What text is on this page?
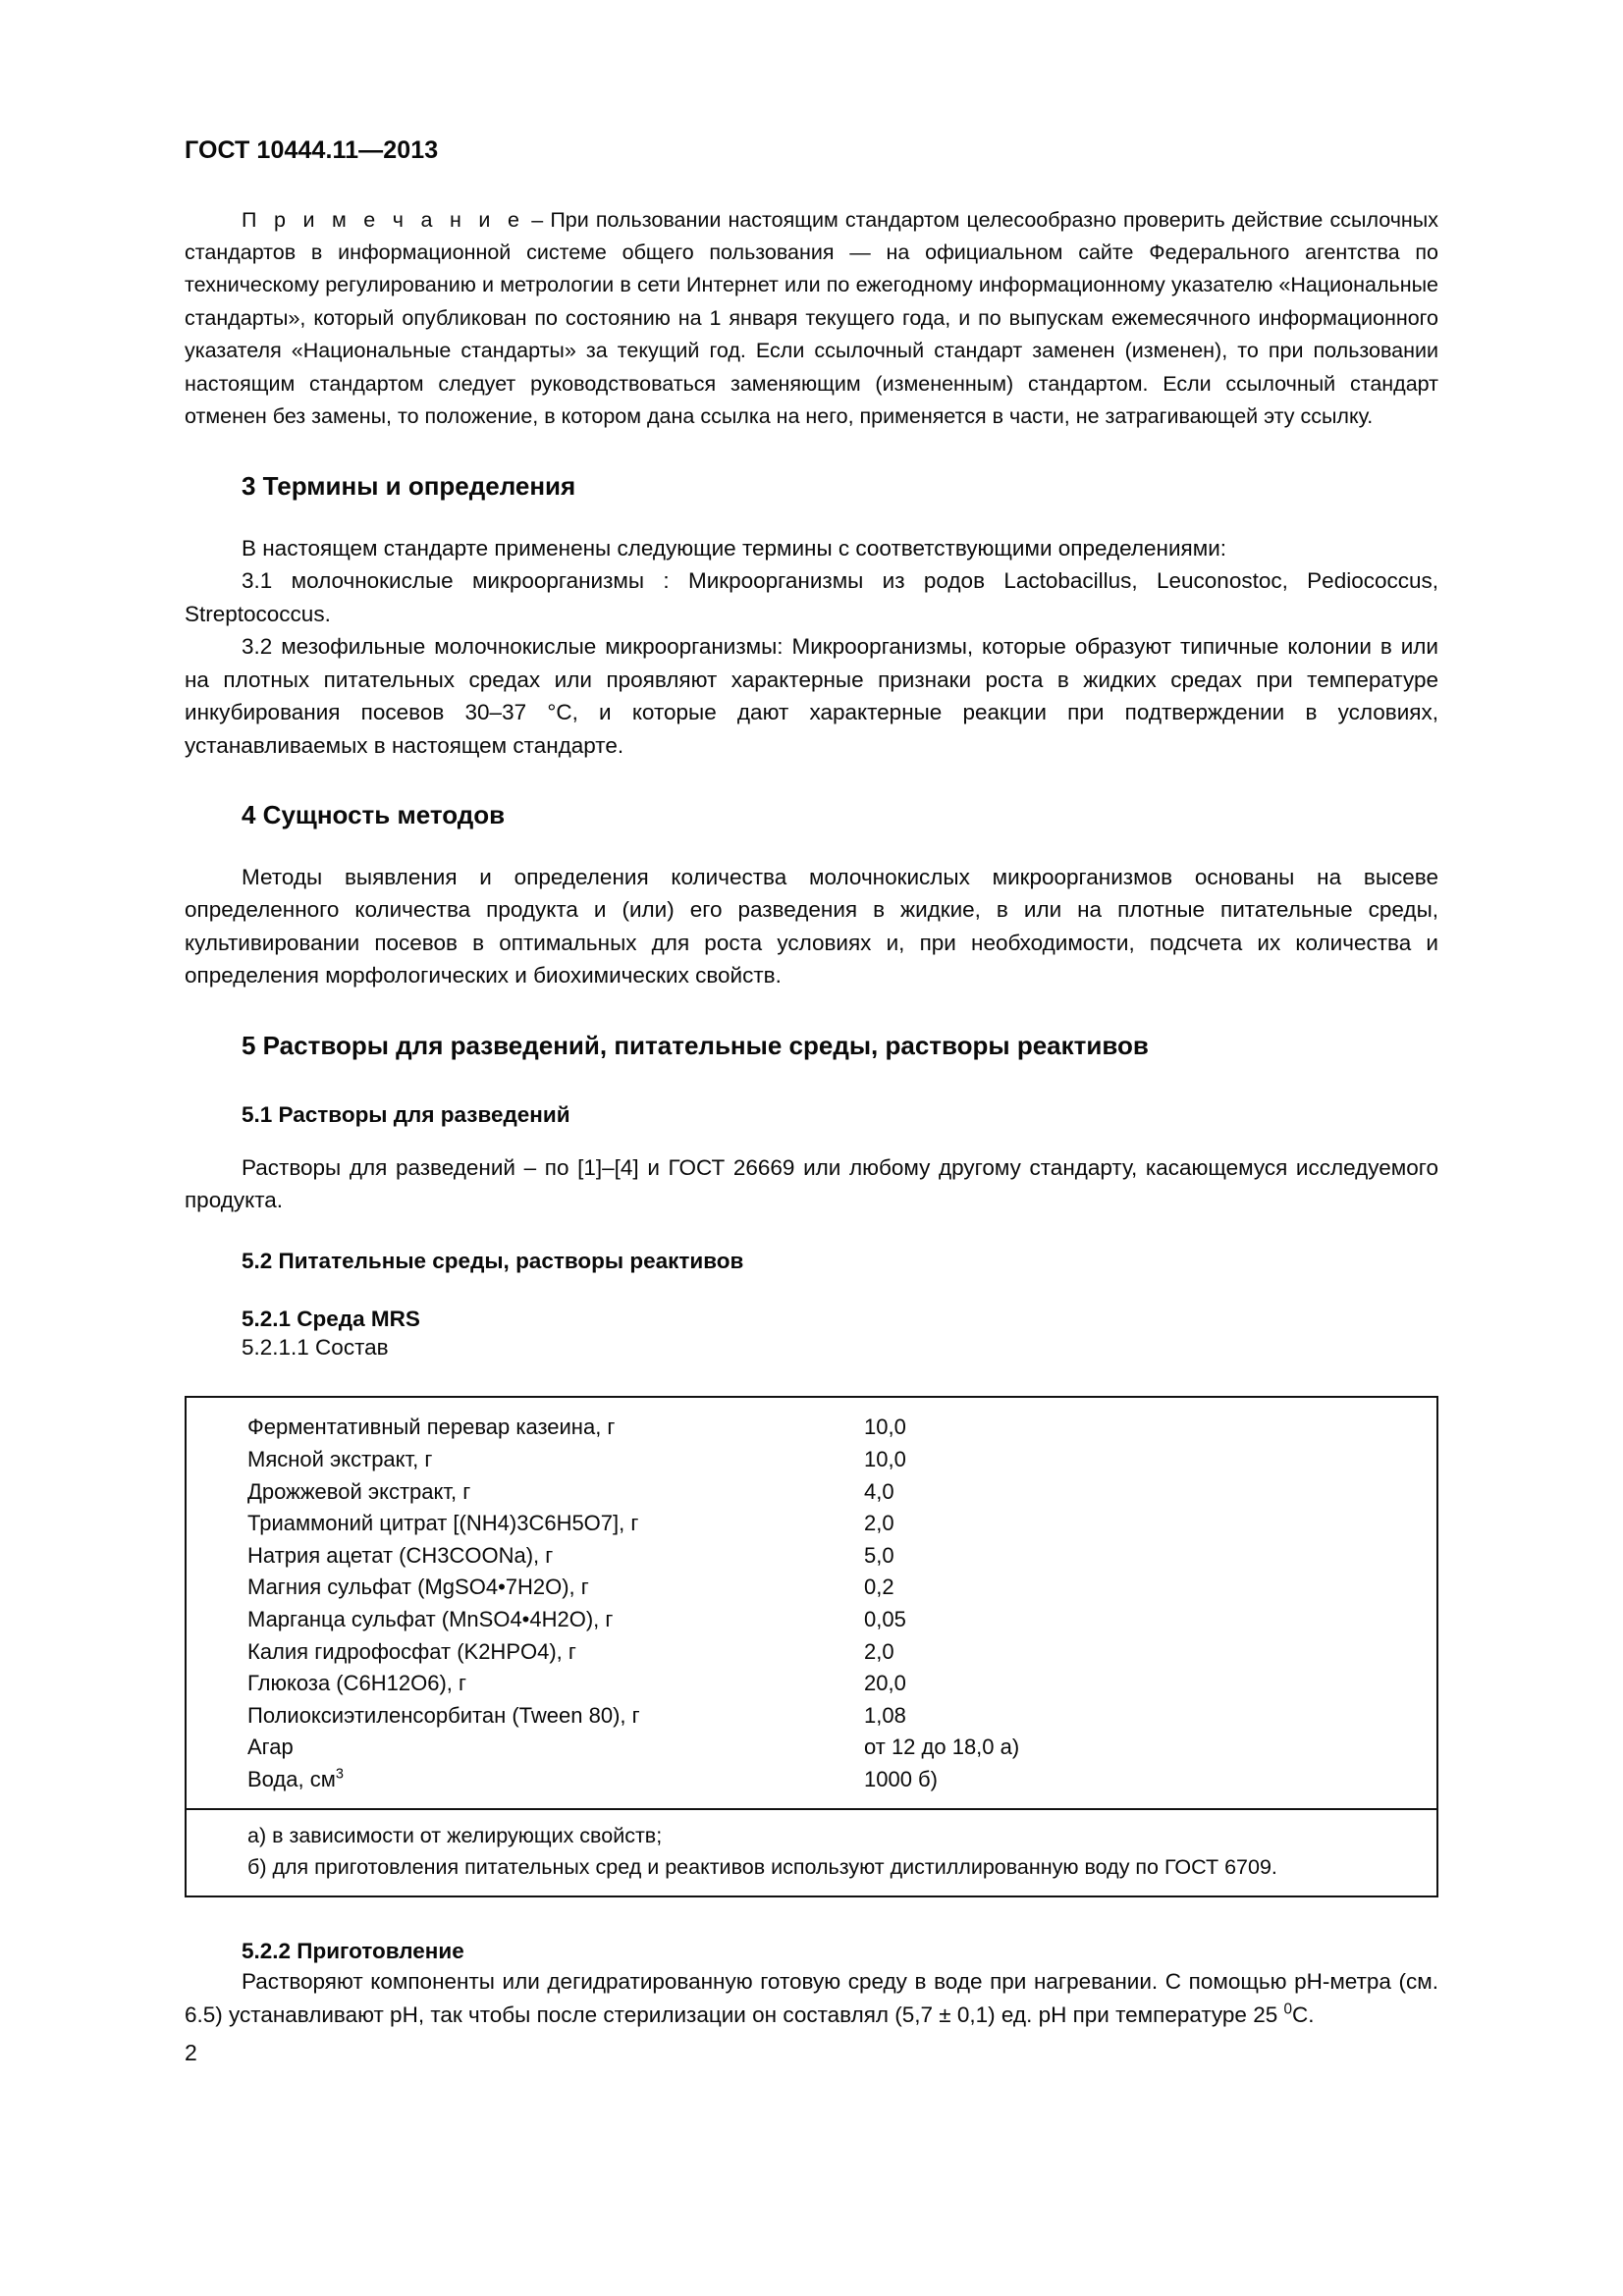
ГОСТ 10444.11—2013

П р и м е ч а н и е – При пользовании настоящим стандартом целесообразно проверить действие ссылочных стандартов в информационной системе общего пользования — на официальном сайте Федерального агентства по техническому регулированию и метрологии в сети Интернет или по ежегодному информационному указателю «Национальные стандарты», который опубликован по состоянию на 1 января текущего года, и по выпускам ежемесячного информационного указателя «Национальные стандарты» за текущий год. Если ссылочный стандарт заменен (изменен), то при пользовании настоящим стандартом следует руководствоваться заменяющим (измененным) стандартом. Если ссылочный стандарт отменен без замены, то положение, в котором дана ссылка на него, применяется в части, не затрагивающей эту ссылку.

3 Термины и определения

В настоящем стандарте применены следующие термины с соответствующими определениями:

3.1 молочнокислые микроорганизмы : Микроорганизмы из родов Lactobacillus, Leuconostoc, Pediococcus, Streptococcus.

3.2 мезофильные молочнокислые микроорганизмы: Микроорганизмы, которые образуют типичные колонии в или на плотных питательных средах или проявляют характерные признаки роста в жидких средах при температуре инкубирования посевов 30–37 °C, и которые дают характерные реакции при подтверждении в условиях, устанавливаемых в настоящем стандарте.

4 Сущность методов

Методы выявления и определения количества молочнокислых микроорганизмов основаны на высеве определенного количества продукта и (или) его разведения в жидкие, в или на плотные питательные среды, культивировании посевов в оптимальных для роста условиях и, при необходимости, подсчета их количества и определения морфологических и биохимических свойств.

5 Растворы для разведений, питательные среды, растворы реактивов
5.1 Растворы для разведений

Растворы для разведений – по [1]–[4] и ГОСТ 26669 или любому другому стандарту, касающемуся исследуемого продукта.

5.2 Питательные среды, растворы реактивов
5.2.1 Среда MRS

5.2.1.1 Состав

Ферментативный перевар казеина, г	10,0
Мясной экстракт, г	10,0
Дрожжевой экстракт, г	4,0
Триаммоний цитрат [(NH4)3C6H5O7], г	2,0
Натрия ацетат (CH3COONa), г	5,0
Магния сульфат (MgSO4•7H2O), г	0,2
Марганца сульфат (MnSO4•4H2O), г	0,05
Калия гидрофосфат (K2HPO4), г	2,0
Глюкоза (C6H12O6), г	20,0
Полиоксиэтиленсорбитан (Tween 80), г	1,08
Агар	от 12 до 18,0 а)
Вода, $см^3$	1000 б)
а) в зависимости от желирующих свойств;
б) для приготовления питательных сред и реактивов используют дистиллированную воду по ГОСТ 6709.
5.2.2 Приготовление

Растворяют компоненты или дегидратированную готовую среду в воде при нагревании. С помощью pH-метра (см. 6.5) устанавливают pH, так чтобы после стерилизации он составлял (5,7 ± 0,1) ед. pH при температуре 25 $^0$C.

2
